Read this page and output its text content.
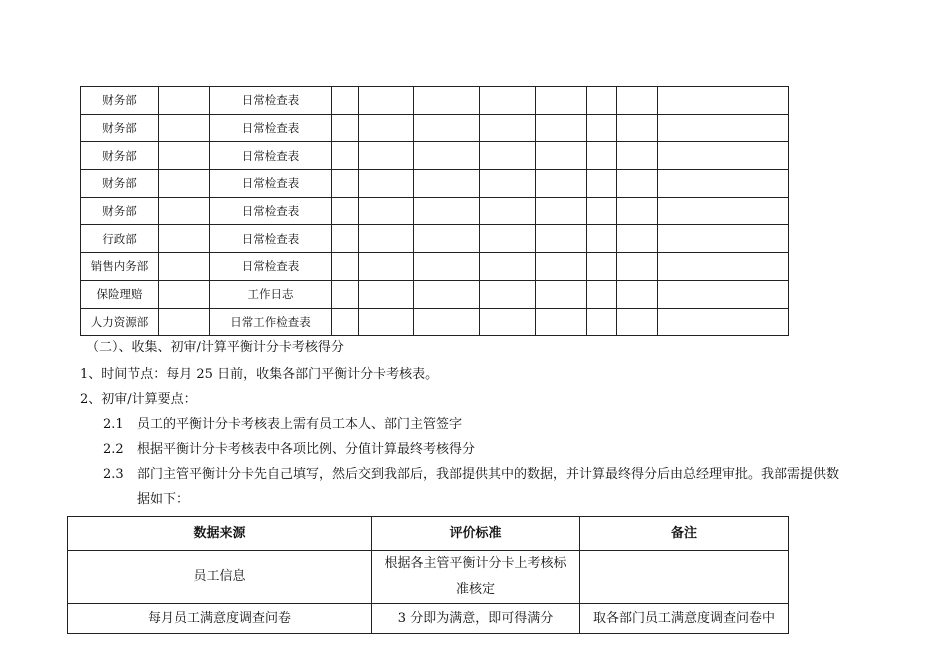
财务部		日常检查表								
财务部		日常检查表								
财务部		日常检查表								
财务部		日常检查表								
财务部		日常检查表								
行政部		日常检查表								
销售内务部		日常检查表								
保险理赔		工作日志								
人力资源部		日常工作检查表								
（二）、收集、初审/计算平衡计分卡考核得分
1、时间节点：每月 25 日前，收集各部门平衡计分卡考核表。
2、初审/计算要点：
2.1 员工的平衡计分卡考核表上需有员工本人、部门主管签字
2.2 根据平衡计分卡考核表中各项比例、分值计算最终考核得分
2.3 部门主管平衡计分卡先自己填写，然后交到我部后，我部提供其中的数据，并计算最终得分后由总经理审批。我部需提供数
据如下：
数据来源	评价标准	备注
员工信息	根据各主管平衡计分卡上考核标
准核定	

每月员工满意度调查问卷	3 分即为满意，即可得满分	取各部门员工满意度调查问卷中
